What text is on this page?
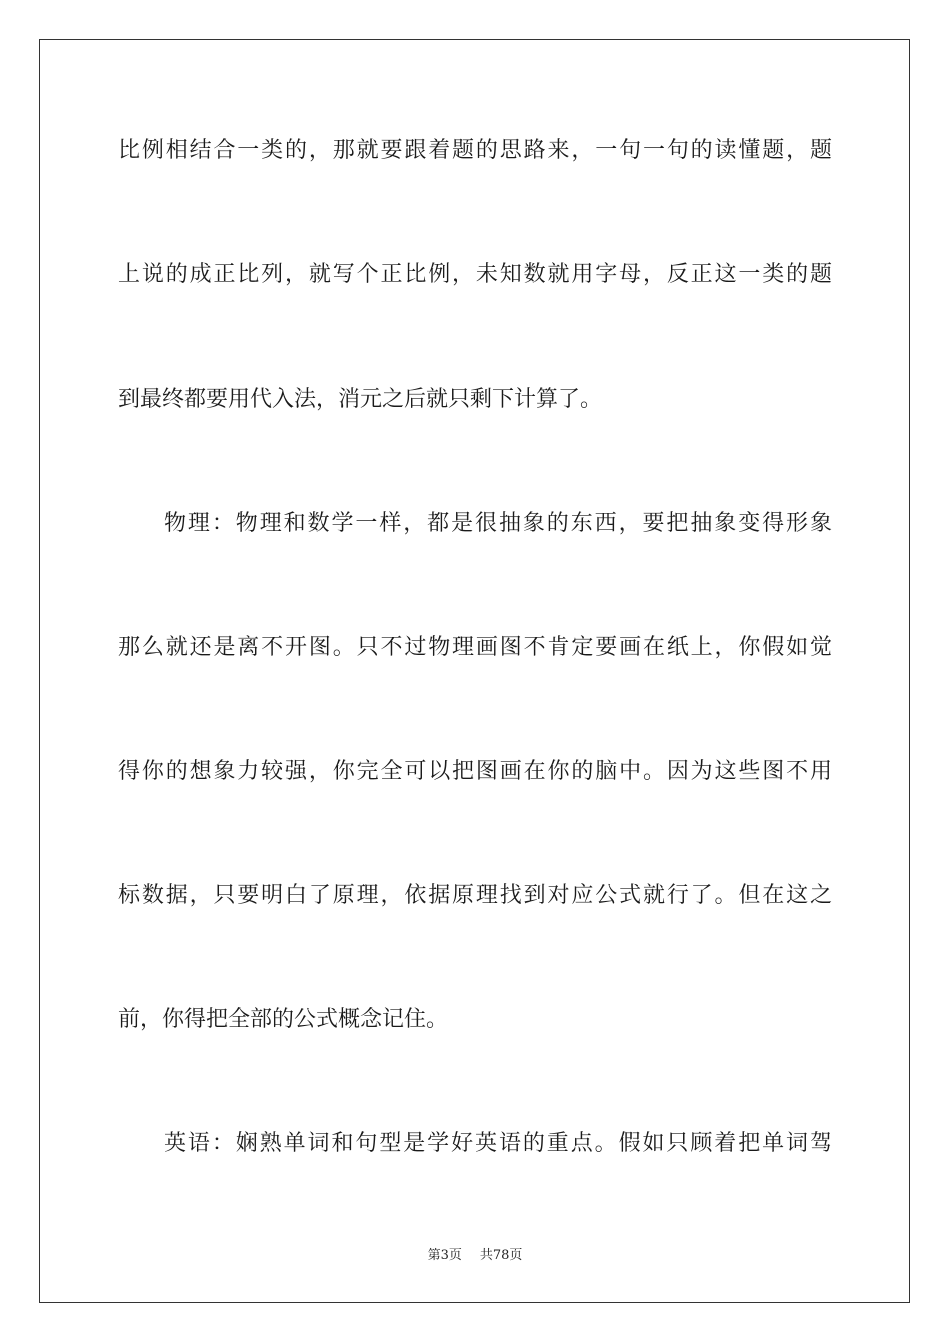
比例相结合一类的，那就要跟着题的思路来，一句一句的读懂题，题
上说的成正比列，就写个正比例，未知数就用字母，反正这一类的题
到最终都要用代入法，消元之后就只剩下计算了。
物理：物理和数学一样，都是很抽象的东西，要把抽象变得形象
那么就还是离不开图。只不过物理画图不肯定要画在纸上，你假如觉
得你的想象力较强，你完全可以把图画在你的脑中。因为这些图不用
标数据，只要明白了原理，依据原理找到对应公式就行了。但在这之
前，你得把全部的公式概念记住。
英语：娴熟单词和句型是学好英语的重点。假如只顾着把单词驾
第3页 共78页
